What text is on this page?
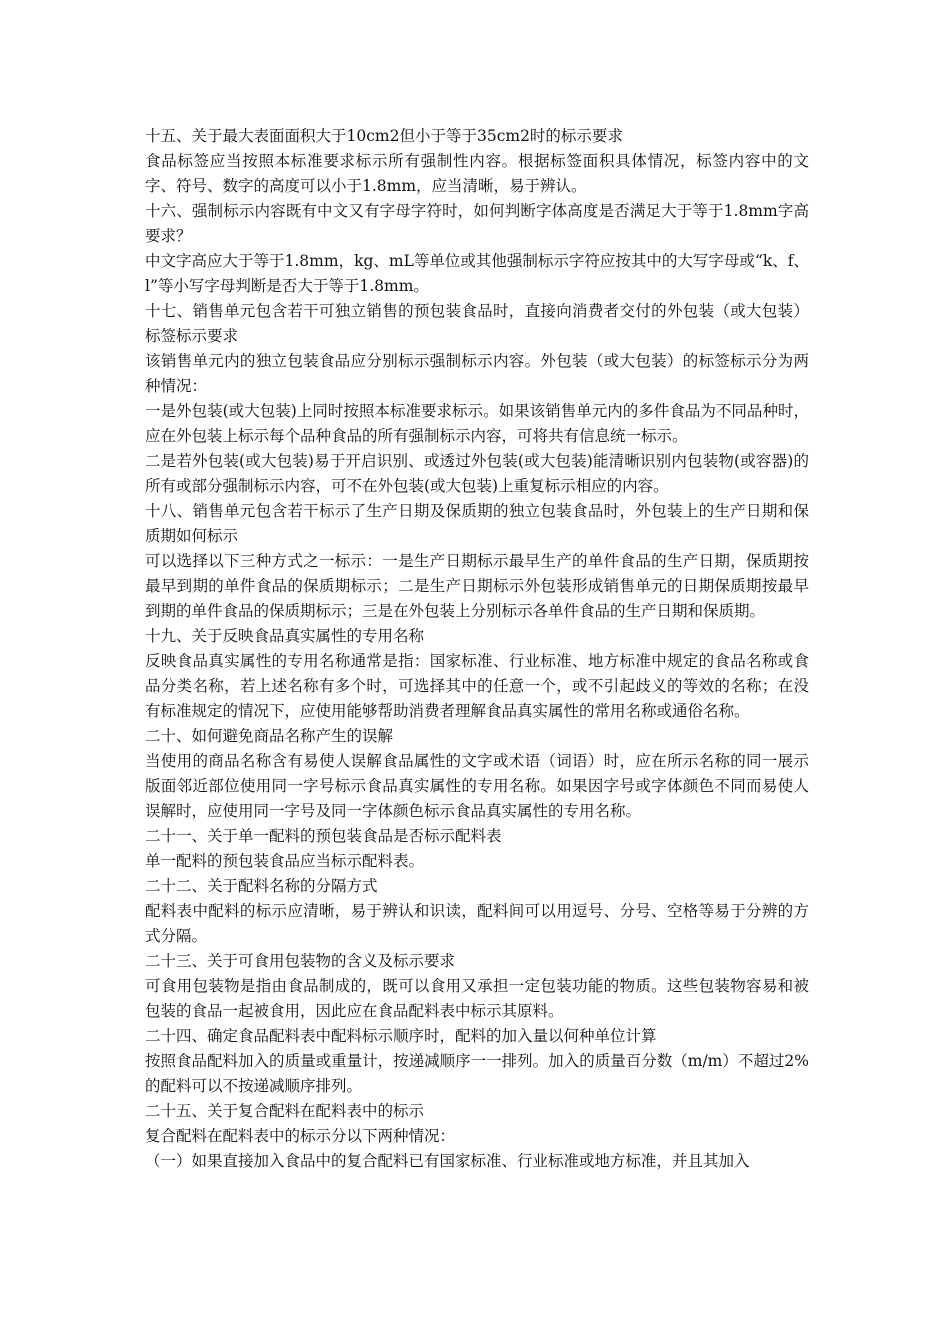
十五、关于最大表面面积大于10cm2但小于等于35cm2时的标示要求

食品标签应当按照本标准要求标示所有强制性内容。根据标签面积具体情况，标签内容中的文字、符号、数字的高度可以小于1.8mm，应当清晰，易于辨认。

十六、强制标示内容既有中文又有字母字符时，如何判断字体高度是否满足大于等于1.8mm字高要求？

中文字高应大于等于1.8mm，kg、mL等单位或其他强制标示字符应按其中的大写字母或“k、f、l”等小写字母判断是否大于等于1.8mm。

十七、销售单元包含若干可独立销售的预包装食品时，直接向消费者交付的外包装（或大包装）标签标示要求

该销售单元内的独立包装食品应分别标示强制标示内容。外包装（或大包装）的标签标示分为两种情况：

一是外包装(或大包装)上同时按照本标准要求标示。如果该销售单元内的多件食品为不同品种时，应在外包装上标示每个品种食品的所有强制标示内容，可将共有信息统一标示。

二是若外包装(或大包装)易于开启识别、或透过外包装(或大包装)能清晰识别内包装物(或容器)的所有或部分强制标示内容，可不在外包装(或大包装)上重复标示相应的内容。

十八、销售单元包含若干标示了生产日期及保质期的独立包装食品时，外包装上的生产日期和保质期如何标示

可以选择以下三种方式之一标示：一是生产日期标示最早生产的单件食品的生产日期，保质期按最早到期的单件食品的保质期标示；二是生产日期标示外包装形成销售单元的日期保质期按最早到期的单件食品的保质期标示；三是在外包装上分别标示各单件食品的生产日期和保质期。

十九、关于反映食品真实属性的专用名称

反映食品真实属性的专用名称通常是指：国家标准、行业标准、地方标准中规定的食品名称或食品分类名称，若上述名称有多个时，可选择其中的任意一个，或不引起歧义的等效的名称；在没有标准规定的情况下，应使用能够帮助消费者理解食品真实属性的常用名称或通俗名称。

二十、如何避免商品名称产生的误解

当使用的商品名称含有易使人误解食品属性的文字或术语（词语）时，应在所示名称的同一展示版面邻近部位使用同一字号标示食品真实属性的专用名称。如果因字号或字体颜色不同而易使人误解时，应使用同一字号及同一字体颜色标示食品真实属性的专用名称。

二十一、关于单一配料的预包装食品是否标示配料表

单一配料的预包装食品应当标示配料表。

二十二、关于配料名称的分隔方式

配料表中配料的标示应清晰，易于辨认和识读，配料间可以用逗号、分号、空格等易于分辨的方式分隔。

二十三、关于可食用包装物的含义及标示要求

可食用包装物是指由食品制成的，既可以食用又承担一定包装功能的物质。这些包装物容易和被包装的食品一起被食用，因此应在食品配料表中标示其原料。

二十四、确定食品配料表中配料标示顺序时，配料的加入量以何种单位计算

按照食品配料加入的质量或重量计，按递减顺序一一排列。加入的质量百分数（m/m）不超过2%的配料可以不按递减顺序排列。

二十五、关于复合配料在配料表中的标示

复合配料在配料表中的标示分以下两种情况：

（一）如果直接加入食品中的复合配料已有国家标准、行业标准或地方标准，并且其加入
